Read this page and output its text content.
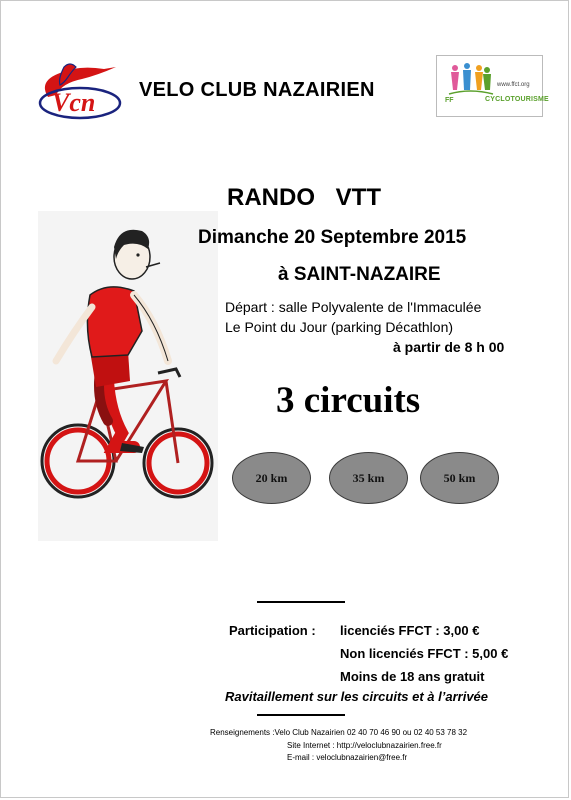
Vcn VELO CLUB NAZAIRIEN	www.ffct.org
FF	CYCLOTOURISME
RANDO VTT
Dimanche 20 Septembre 2015
à SAINT-NAZAIRE
Départ : salle Polyvalente de l'Immaculée
Le Point du Jour (parking Décathlon)
à partir de 8 h 00
3 circuits
20 km	35 km	50 km
Participation : licenciés FFCT : 3,00 €
Non licenciés FFCT : 5,00 €
Moins de 18 ans gratuit
Ravitaillement sur les circuits et à l’arrivée
Renseignements :Velo Club Nazairien 02 40 70 46 90 ou 02 40 53 78 32
Site Internet : http://veloclubnazairien.free.fr
E-mail : veloclubnazairien@free.fr
